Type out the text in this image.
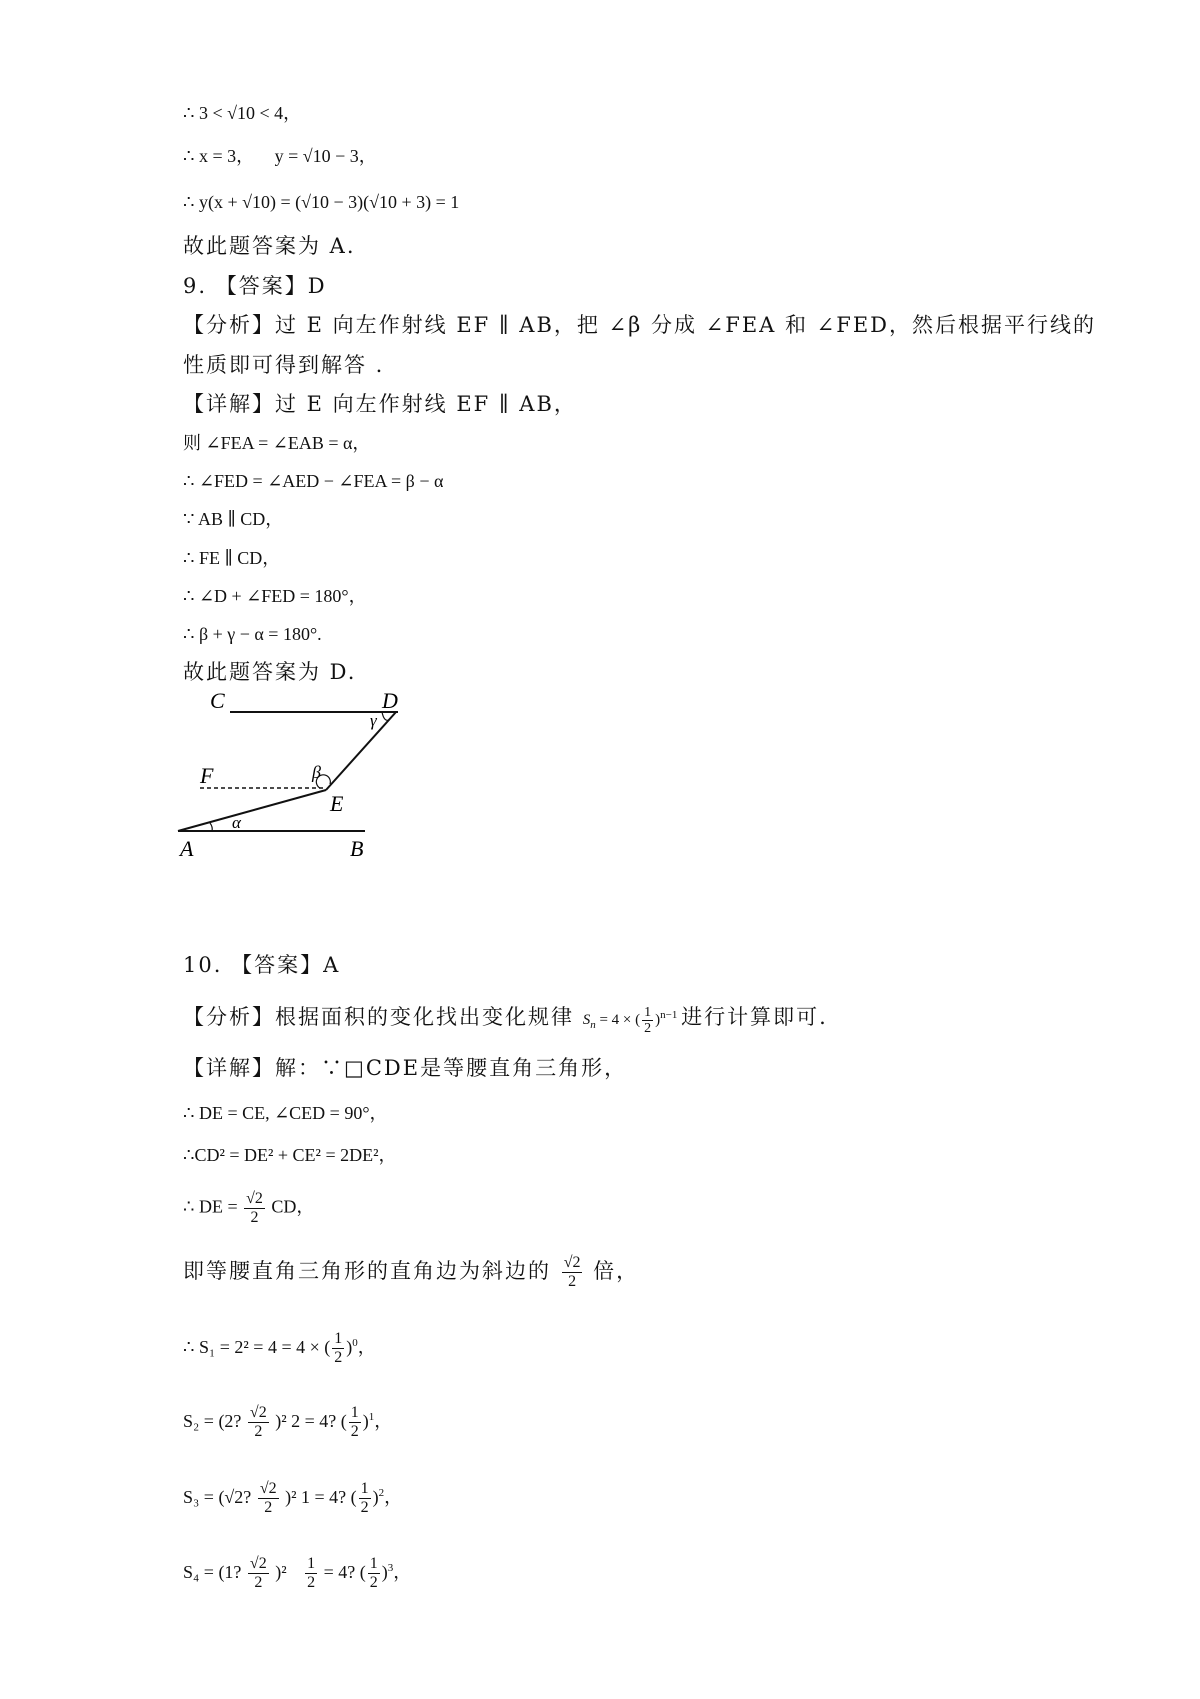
∴ 3 < √10 < 4，
∴ x = 3， y = √10 − 3，
∴ y(x + √10) = (√10 − 3)(√10 + 3) = 1
故此题答案为 A.
9. 【答案】D
【分析】过 E 向左作射线 EF ∥ AB，把 ∠β 分成 ∠FEA 和 ∠FED，然后根据平行线的
性质即可得到解答 .
【详解】过 E 向左作射线 EF ∥ AB，
则 ∠FEA = ∠EAB = α，
∴ ∠FED = ∠AED − ∠FEA = β − α
∵ AB ∥ CD，
∴ FE ∥ CD，
∴ ∠D + ∠FED = 180°，
∴ β + γ − α = 180°.
故此题答案为 D.
C	D
γ
F	β
E
α
A	B
10. 【答案】A
【分析】根据面积的变化找出变化规律 $S_n = 4$ × ( $\frac{1}{2} )^{n-1}$ 进行计算即可.
【详解】解：∵□CDE是等腰直角三角形，
∴ DE = CE, ∠CED = 90°，
∴CD² = DE² + CE² = 2DE²，
∴ DE = $\frac{√2}{2}$ CD，
即等腰直角三角形的直角边为斜边的 $\frac{√2}{2}$ 倍，
∴ S₁ = 2² = 4 = 4 × ( $\frac{1}{2} )^0$，
S₂ = (2? $\frac{√2}{2} )^2$ 2 = 4? ( $\frac{1}{2} )^1$，
S₃ = (√2? $\frac{√2}{2} )^2$ 1 = 4? ( $\frac{1}{2} )^2$，
S₄ = (1? $\frac{√2}{2} )^2 \frac{1}{2} = 4$? ( $\frac{1}{2} )^3$，
